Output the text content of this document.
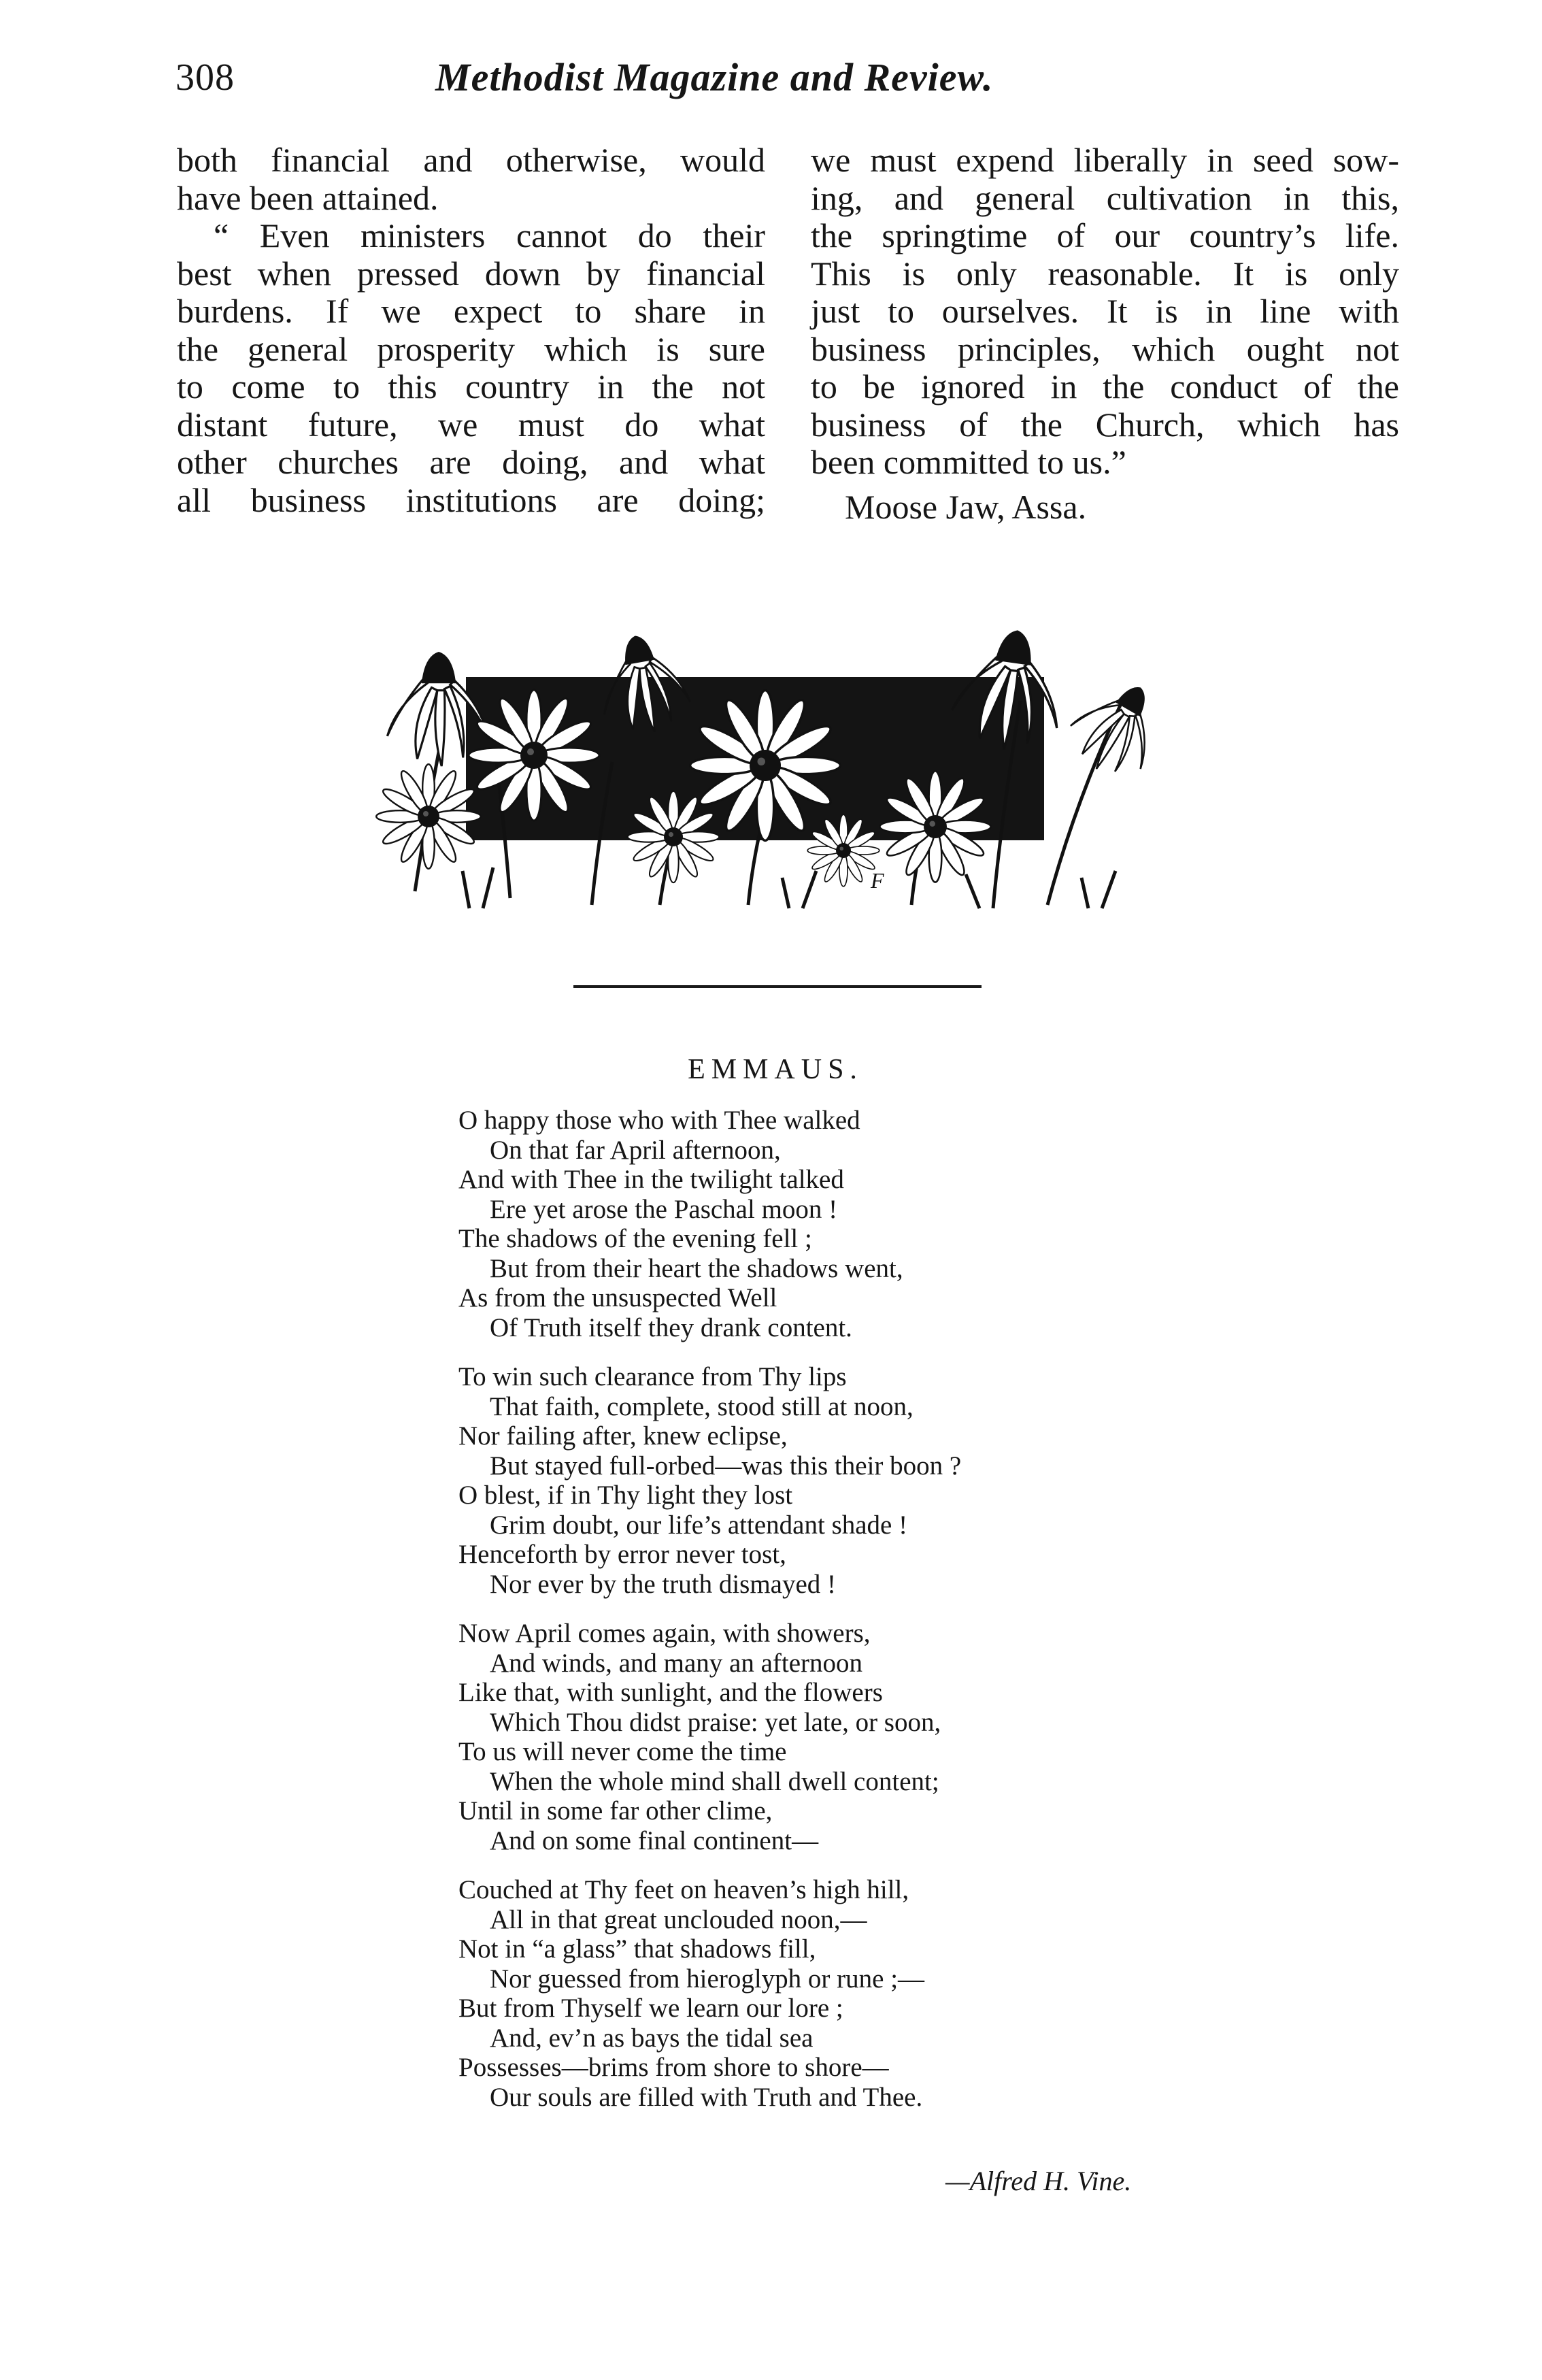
308	Methodist Magazine and Review.
both financial and otherwise, would
have been attained.
“ Even ministers cannot do their
best when pressed down by financial
burdens. If we expect to share in
the general prosperity which is sure
to come to this country in the not
distant future, we must do what
other churches are doing, and what
all business institutions are doing;
we must expend liberally in seed sow-
ing, and general cultivation in this,
the springtime of our country’s life.
This is only reasonable. It is only
just to ourselves. It is in line with
business principles, which ought not
to be ignored in the conduct of the
business of the Church, which has
been committed to us.”
Moose Jaw, Assa.
F
EMMAUS.
O happy those who with Thee walked
On that far April afternoon,
And with Thee in the twilight talked
Ere yet arose the Paschal moon !
The shadows of the evening fell ;
But from their heart the shadows went,
As from the unsuspected Well
Of Truth itself they drank content.
To win such clearance from Thy lips
That faith, complete, stood still at noon,
Nor failing after, knew eclipse,
But stayed full-orbed—was this their boon ?
O blest, if in Thy light they lost
Grim doubt, our life’s attendant shade !
Henceforth by error never tost,
Nor ever by the truth dismayed !
Now April comes again, with showers,
And winds, and many an afternoon
Like that, with sunlight, and the flowers
Which Thou didst praise: yet late, or soon,
To us will never come the time
When the whole mind shall dwell content;
Until in some far other clime,
And on some final continent—
Couched at Thy feet on heaven’s high hill,
All in that great unclouded noon,—
Not in “a glass” that shadows fill,
Nor guessed from hieroglyph or rune ;—
But from Thyself we learn our lore ;
And, ev’n as bays the tidal sea
Possesses—brims from shore to shore—
Our souls are filled with Truth and Thee.
—Alfred H. Vine.
